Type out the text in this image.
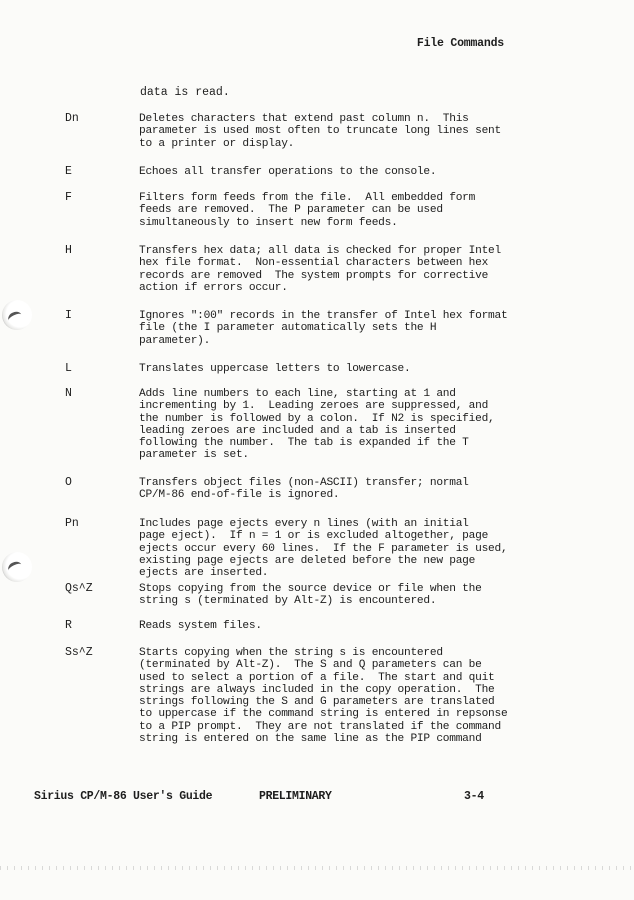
File Commands
data is read.
Dn	Deletes characters that extend past column n.  This
parameter is used most often to truncate long lines sent
to a printer or display.
E	Echoes all transfer operations to the console.
F	Filters form feeds from the file.  All embedded form
feeds are removed.  The P parameter can be used
simultaneously to insert new form feeds.
H	Transfers hex data; all data is checked for proper Intel
hex file format.  Non-essential characters between hex
records are removed  The system prompts for corrective
action if errors occur.
I	Ignores ":00" records in the transfer of Intel hex format
file (the I parameter automatically sets the H
parameter).
L	Translates uppercase letters to lowercase.
N	Adds line numbers to each line, starting at 1 and
incrementing by 1.  Leading zeroes are suppressed, and
the number is followed by a colon.  If N2 is specified,
leading zeroes are included and a tab is inserted
following the number.  The tab is expanded if the T
parameter is set.
O	Transfers object files (non-ASCII) transfer; normal
CP/M-86 end-of-file is ignored.
Pn	Includes page ejects every n lines (with an initial
page eject).  If n = 1 or is excluded altogether, page
ejects occur every 60 lines.  If the F parameter is used,
existing page ejects are deleted before the new page
ejects are inserted.
Qs^Z	Stops copying from the source device or file when the
string s (terminated by Alt-Z) is encountered.
R	Reads system files.
Ss^Z	Starts copying when the string s is encountered
(terminated by Alt-Z).  The S and Q parameters can be
used to select a portion of a file.  The start and quit
strings are always included in the copy operation.  The
strings following the S and G parameters are translated
to uppercase if the command string is entered in repsonse
to a PIP prompt.  They are not translated if the command
string is entered on the same line as the PIP command
Sirius CP/M-86 User's Guide	PRELIMINARY	3-4
